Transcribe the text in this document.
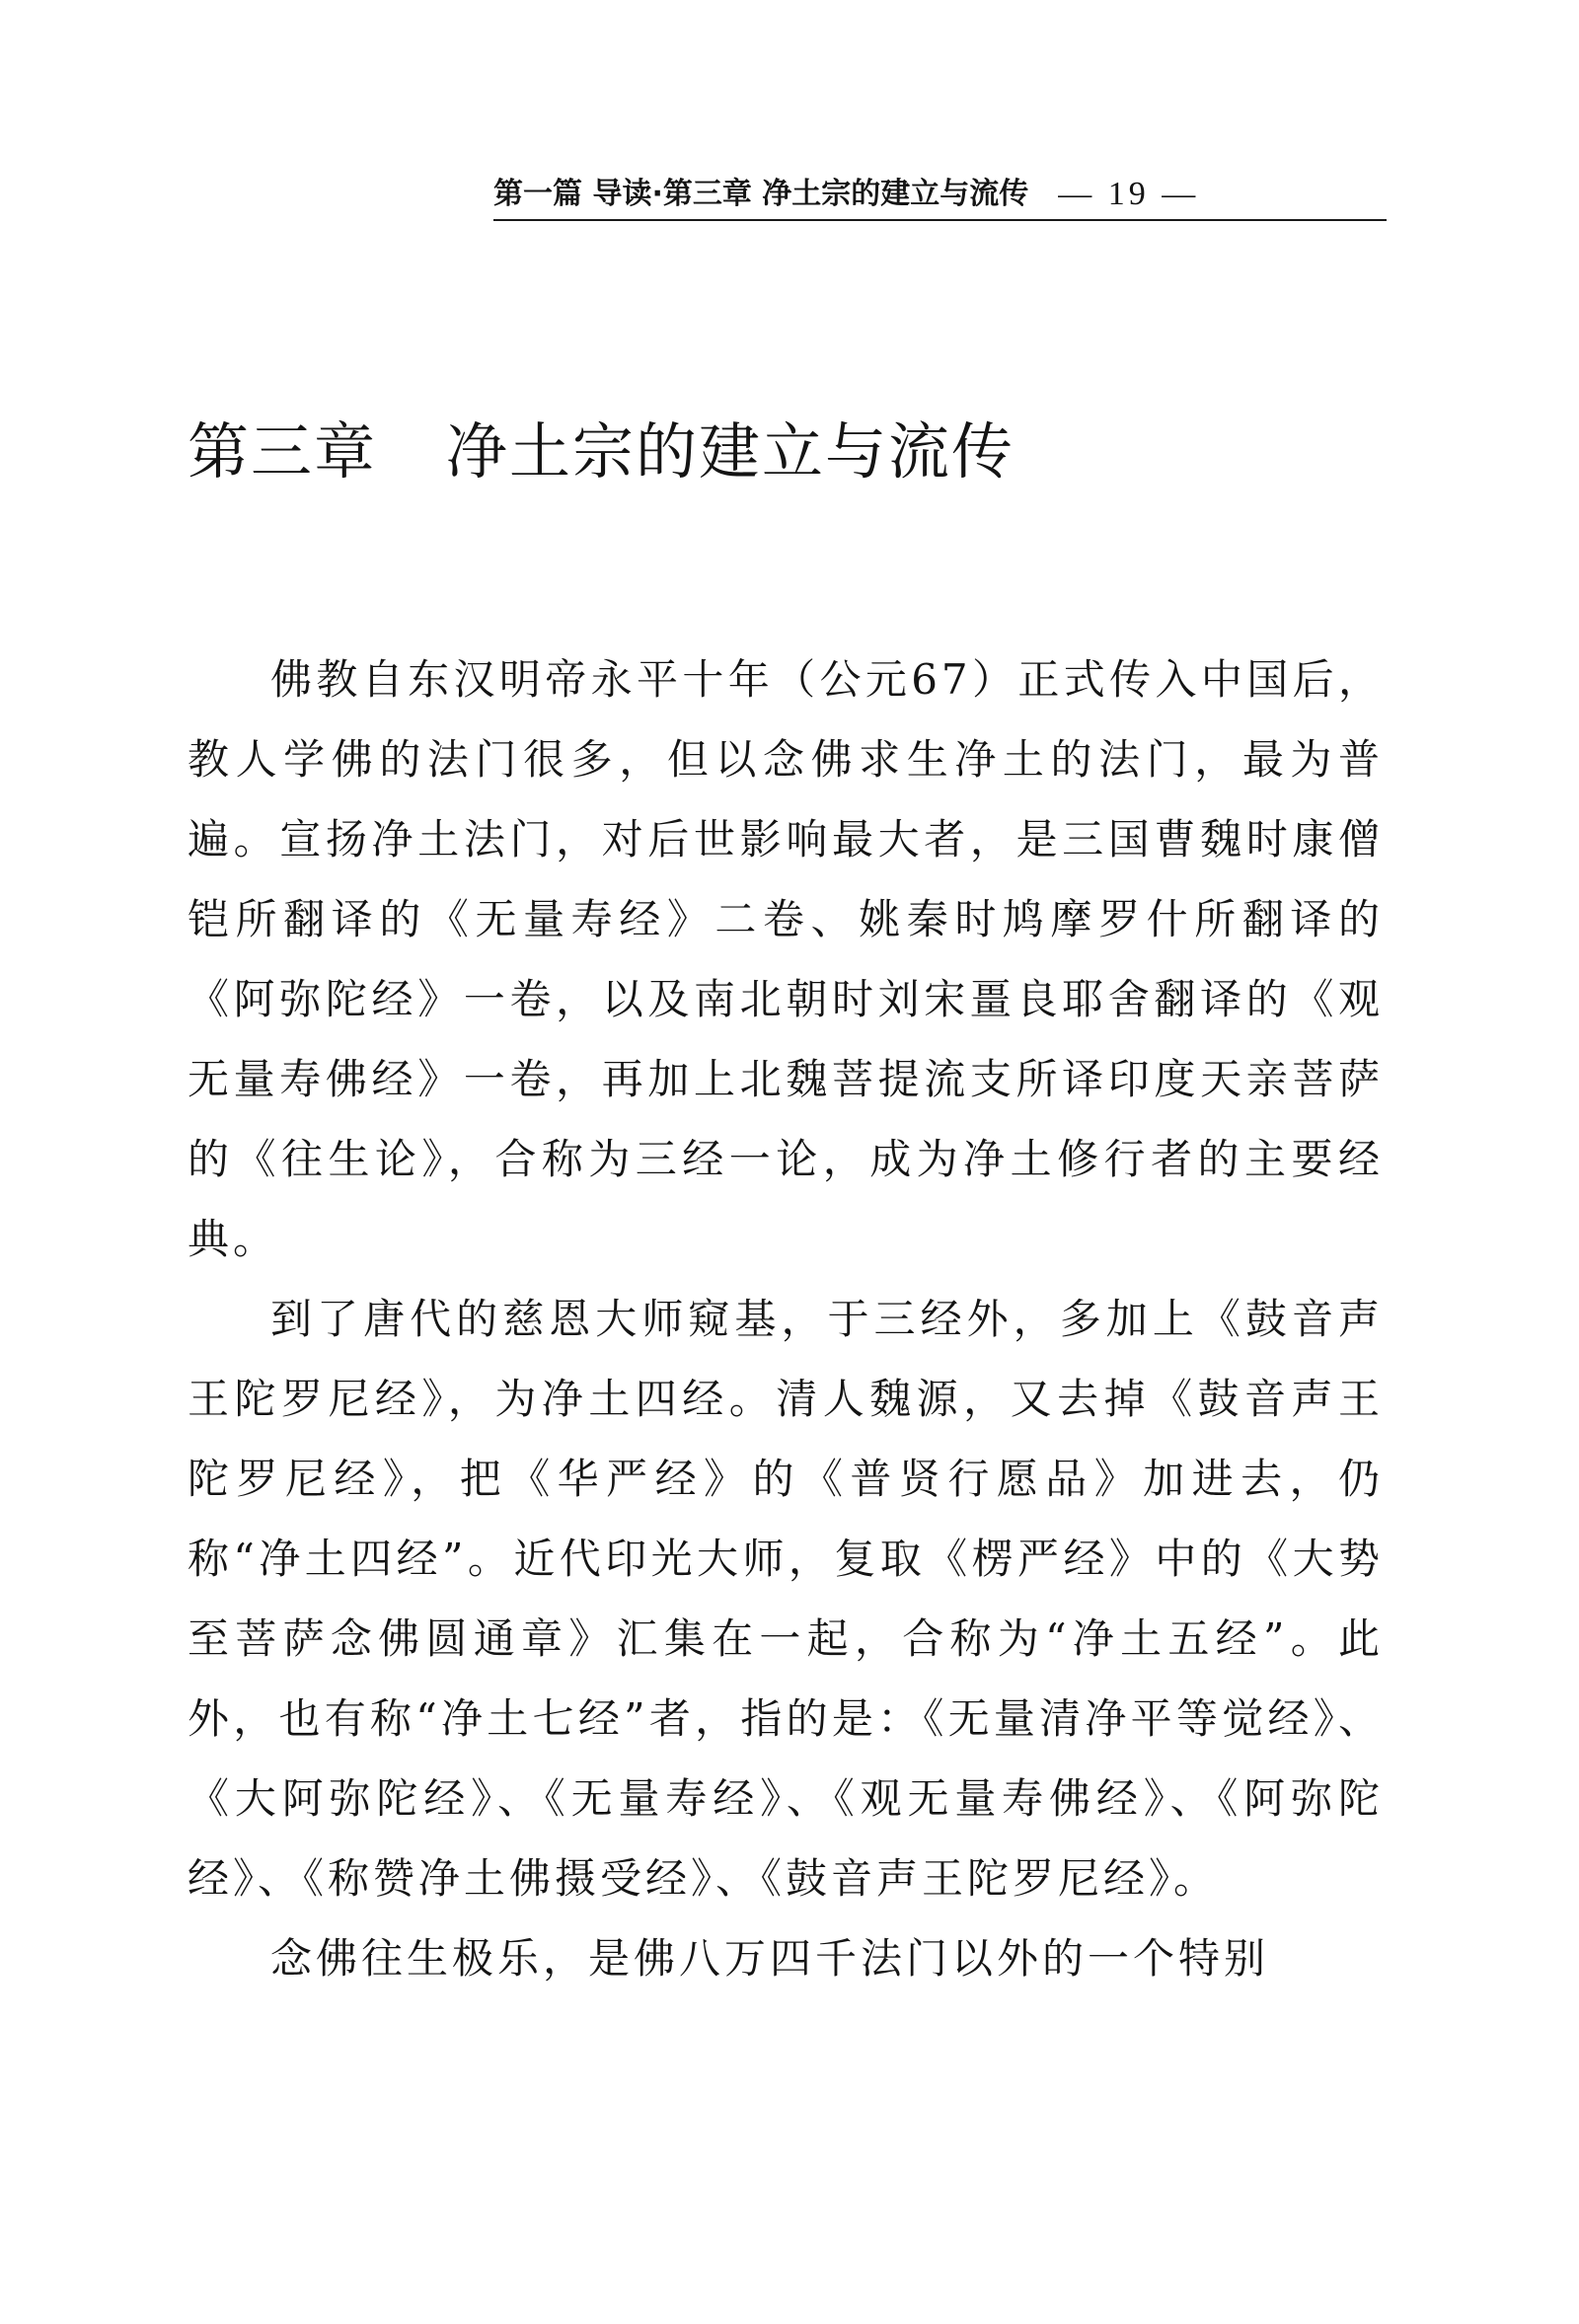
第一篇 导读·第三章 净土宗的建立与流传 — 19 —
第三章 净土宗的建立与流传

佛教自东汉明帝永平十年（公元67）正式传入中国后，教人学佛的法门很多，但以念佛求生净土的法门，最为普遍。宣扬净土法门，对后世影响最大者，是三国曹魏时康僧铠所翻译的《无量寿经》二卷、姚秦时鸠摩罗什所翻译的《阿弥陀经》一卷，以及南北朝时刘宋畺良耶舍翻译的《观无量寿佛经》一卷，再加上北魏菩提流支所译印度天亲菩萨的《往生论》，合称为三经一论，成为净土修行者的主要经典。

到了唐代的慈恩大师窥基，于三经外，多加上《鼓音声王陀罗尼经》，为净土四经。清人魏源，又去掉《鼓音声王陀罗尼经》，把《华严经》的《普贤行愿品》加进去，仍称“净土四经”。近代印光大师，复取《楞严经》中的《大势至菩萨念佛圆通章》汇集在一起，合称为“净土五经”。此外，也有称“净土七经”者，指的是：《无量清净平等觉经》、《大阿弥陀经》、《无量寿经》、《观无量寿佛经》、《阿弥陀经》、《称赞净土佛摄受经》、《鼓音声王陀罗尼经》。

念佛往生极乐，是佛八万四千法门以外的一个特别
